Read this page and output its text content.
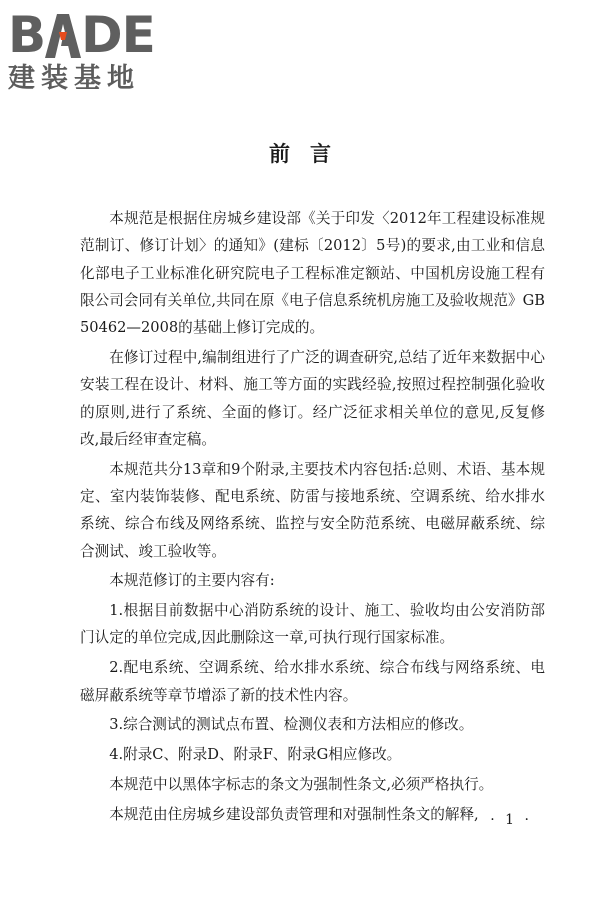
B DE
建装基地
前言

本规范是根据住房城乡建设部《关于印发〈2012年工程建设标准规范制订、修订计划〉的通知》(建标〔2012〕5号)的要求,由工业和信息化部电子工业标准化研究院电子工程标准定额站、中国机房设施工程有限公司会同有关单位,共同在原《电子信息系统机房施工及验收规范》GB 50462—2008的基础上修订完成的。

在修订过程中,编制组进行了广泛的调查研究,总结了近年来数据中心安装工程在设计、材料、施工等方面的实践经验,按照过程控制强化验收的原则,进行了系统、全面的修订。经广泛征求相关单位的意见,反复修改,最后经审查定稿。

本规范共分13章和9个附录,主要技术内容包括:总则、术语、基本规定、室内装饰装修、配电系统、防雷与接地系统、空调系统、给水排水系统、综合布线及网络系统、监控与安全防范系统、电磁屏蔽系统、综合测试、竣工验收等。

本规范修订的主要内容有:

1.根据目前数据中心消防系统的设计、施工、验收均由公安消防部门认定的单位完成,因此删除这一章,可执行现行国家标准。

2.配电系统、空调系统、给水排水系统、综合布线与网络系统、电磁屏蔽系统等章节增添了新的技术性内容。

3.综合测试的测试点布置、检测仪表和方法相应的修改。

4.附录C、附录D、附录F、附录G相应修改。

本规范中以黑体字标志的条文为强制性条文,必须严格执行。

本规范由住房城乡建设部负责管理和对强制性条文的解释, · 1 ·
